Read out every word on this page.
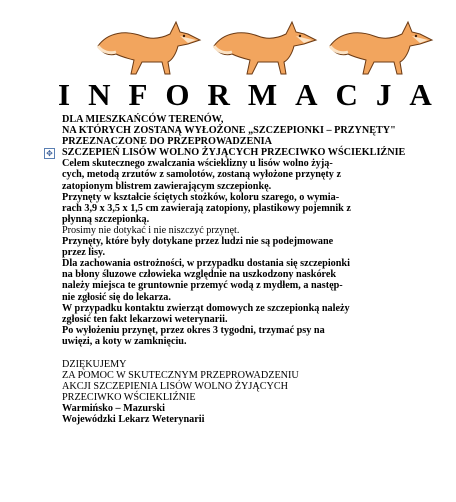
INFORMACJA
✥
DLA MIESZKAŃCÓW TERENÓW,
NA KTÓRYCH ZOSTANĄ WYŁOŻONE „SZCZEPIONKI – PRZYNĘTY"
PRZEZNACZONE DO PRZEPROWADZENIA
SZCZEPIEŃ LISÓW WOLNO ŻYJĄCYCH PRZECIWKO WŚCIEKLIŹNIE
Celem skutecznego zwalczania wścieklizny u lisów wolno żyją-
cych, metodą zrzutów z samolotów, zostaną wyłożone przynęty z
zatopionym blistrem zawierającym szczepionkę.
Przynęty w kształcie ściętych stożków, koloru szarego, o wymia-
rach 3,9 x 3,5 x 1,5 cm zawierają zatopiony, plastikowy pojemnik z
płynną szczepionką.
Prosimy nie dotykać i nie niszczyć przynęt.
Przynęty, które były dotykane przez ludzi nie są podejmowane
przez lisy.
Dla zachowania ostrożności, w przypadku dostania się szczepionki
na błony śluzowe człowieka względnie na uszkodzony naskórek
należy miejsca te gruntownie przemyć wodą z mydłem, a następ-
nie zgłosić się do lekarza.
W przypadku kontaktu zwierząt domowych ze szczepionką należy
zgłosić ten fakt lekarzowi weterynarii.
Po wyłożeniu przynęt, przez okres 3 tygodni, trzymać psy na
uwięzi, a koty w zamknięciu.
DZIĘKUJEMY
ZA POMOC W SKUTECZNYM PRZEPROWADZENIU
AKCJI SZCZEPIENIA LISÓW WOLNO ŻYJĄCYCH
PRZECIWKO WŚCIEKLIŹNIE
Warmińsko – Mazurski
Wojewódzki Lekarz Weterynarii
